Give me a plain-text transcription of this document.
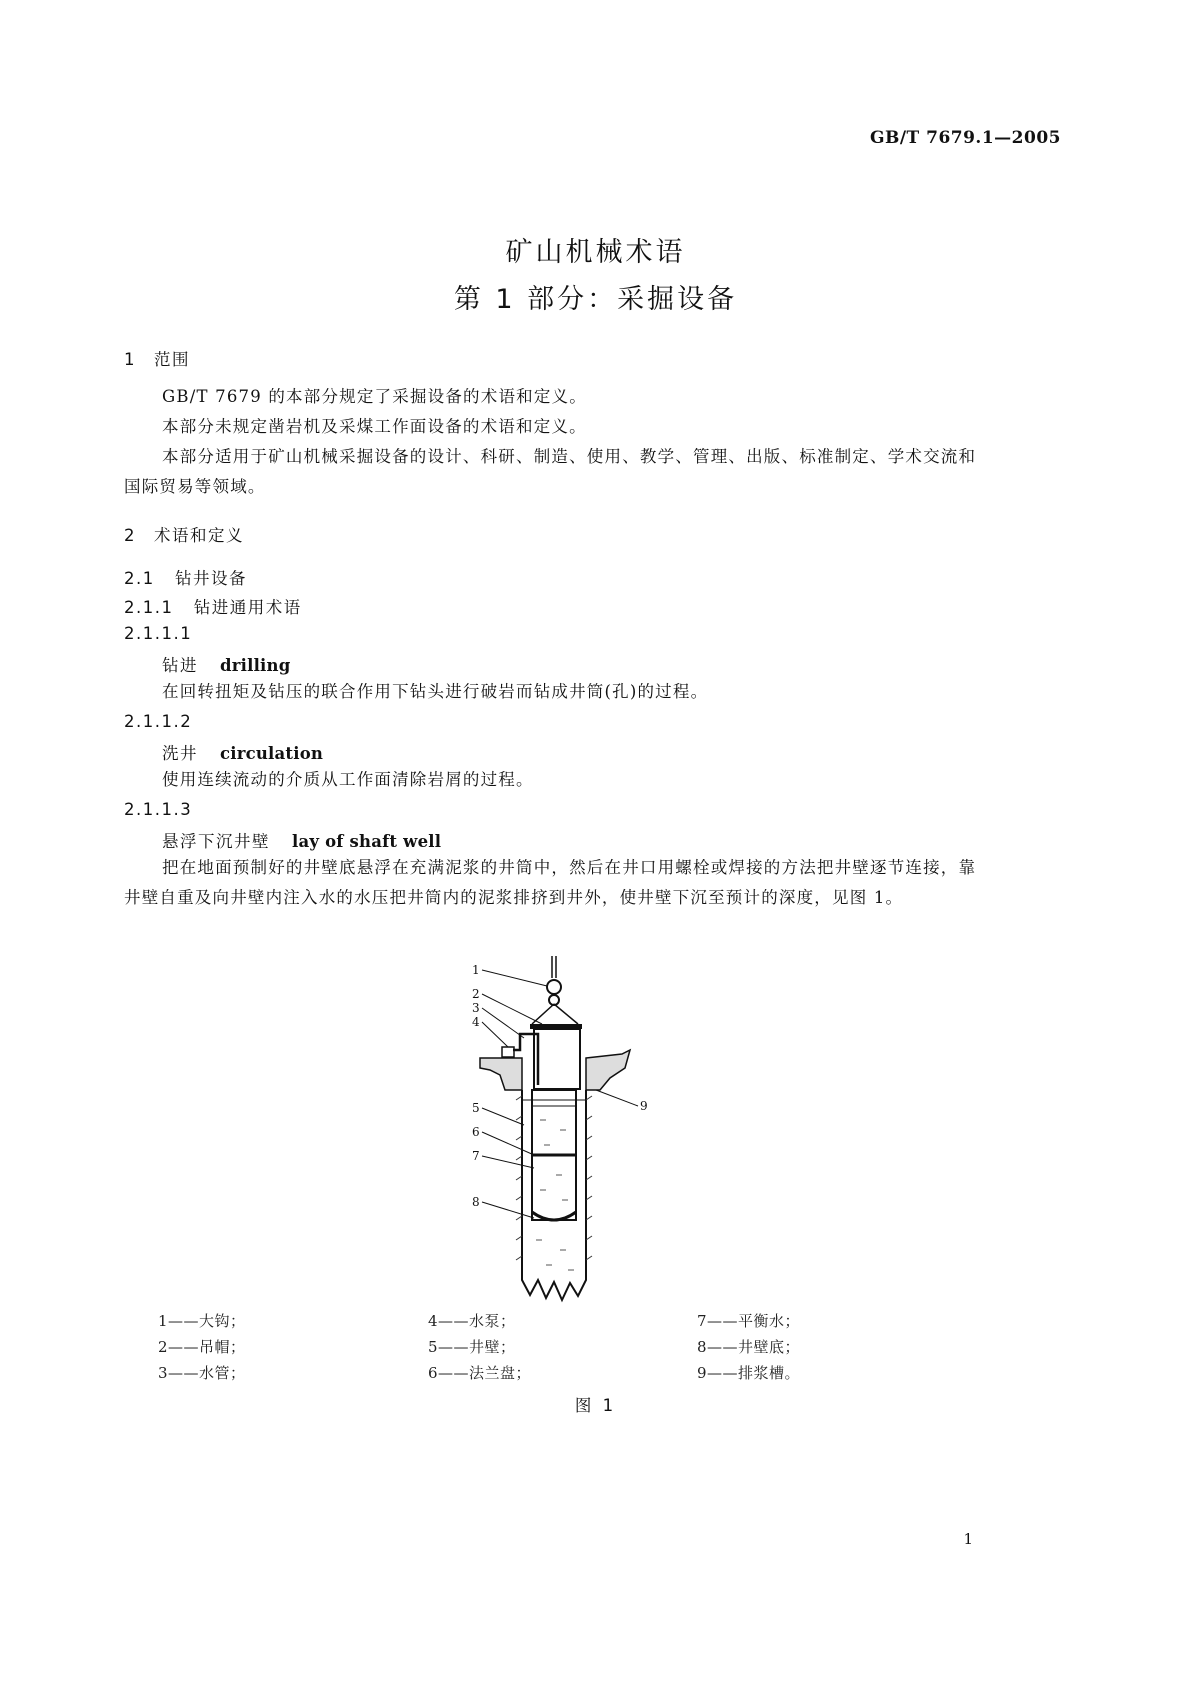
GB/T 7679.1—2005
矿山机械术语
第 1 部分：采掘设备
1 范围
GB/T 7679 的本部分规定了采掘设备的术语和定义。
本部分未规定凿岩机及采煤工作面设备的术语和定义。
本部分适用于矿山机械采掘设备的设计、科研、制造、使用、教学、管理、出版、标准制定、学术交流和国际贸易等领域。
2 术语和定义
2.1 钻井设备
2.1.1 钻进通用术语
2.1.1.1
钻进 drilling
在回转扭矩及钻压的联合作用下钻头进行破岩而钻成井筒(孔)的过程。
2.1.1.2
洗井 circulation
使用连续流动的介质从工作面清除岩屑的过程。
2.1.1.3
悬浮下沉井壁 lay of shaft well
把在地面预制好的井壁底悬浮在充满泥浆的井筒中，然后在井口用螺栓或焊接的方法把井壁逐节连接，靠井壁自重及向井壁内注入水的水压把井筒内的泥浆排挤到井外，使井壁下沉至预计的深度，见图 1。
1
2
3
4
5
6
7
8
9
1——大钩；	4——水泵；	7——平衡水；
2——吊帽；	5——井壁；	8——井壁底；
3——水管；	6——法兰盘；	9——排浆槽。
图 1
1
